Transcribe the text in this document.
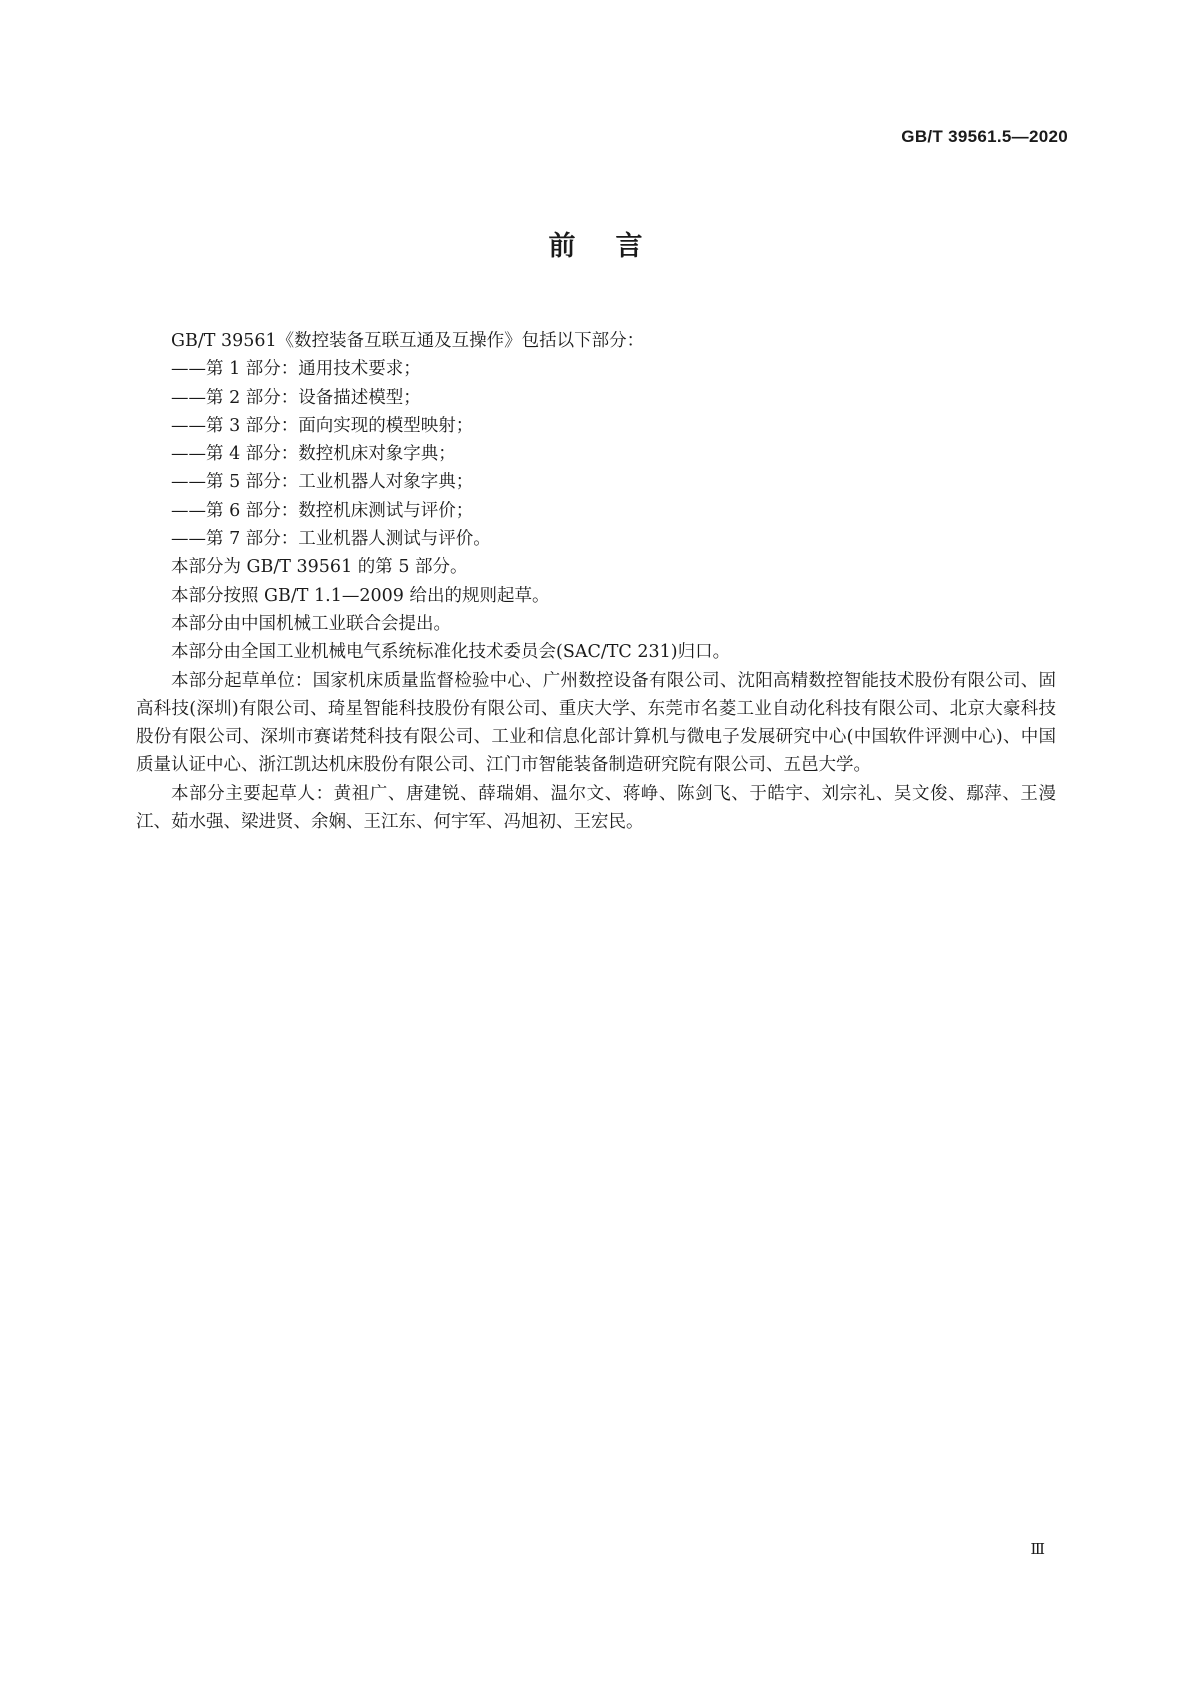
GB/T 39561.5—2020
前言

GB/T 39561《数控装备互联互通及互操作》包括以下部分：

——第 1 部分：通用技术要求；

——第 2 部分：设备描述模型；

——第 3 部分：面向实现的模型映射；

——第 4 部分：数控机床对象字典；

——第 5 部分：工业机器人对象字典；

——第 6 部分：数控机床测试与评价；

——第 7 部分：工业机器人测试与评价。

本部分为 GB/T 39561 的第 5 部分。

本部分按照 GB/T 1.1—2009 给出的规则起草。

本部分由中国机械工业联合会提出。

本部分由全国工业机械电气系统标准化技术委员会(SAC/TC 231)归口。

本部分起草单位：国家机床质量监督检验中心、广州数控设备有限公司、沈阳高精数控智能技术股份有限公司、固高科技(深圳)有限公司、琦星智能科技股份有限公司、重庆大学、东莞市名菱工业自动化科技有限公司、北京大豪科技股份有限公司、深圳市赛诺梵科技有限公司、工业和信息化部计算机与微电子发展研究中心(中国软件评测中心)、中国质量认证中心、浙江凯达机床股份有限公司、江门市智能装备制造研究院有限公司、五邑大学。

本部分主要起草人：黄祖广、唐建锐、薛瑞娟、温尔文、蒋峥、陈剑飞、于皓宇、刘宗礼、吴文俊、鄢萍、王漫江、茹水强、梁进贤、余娴、王江东、何宇军、冯旭初、王宏民。

Ⅲ
